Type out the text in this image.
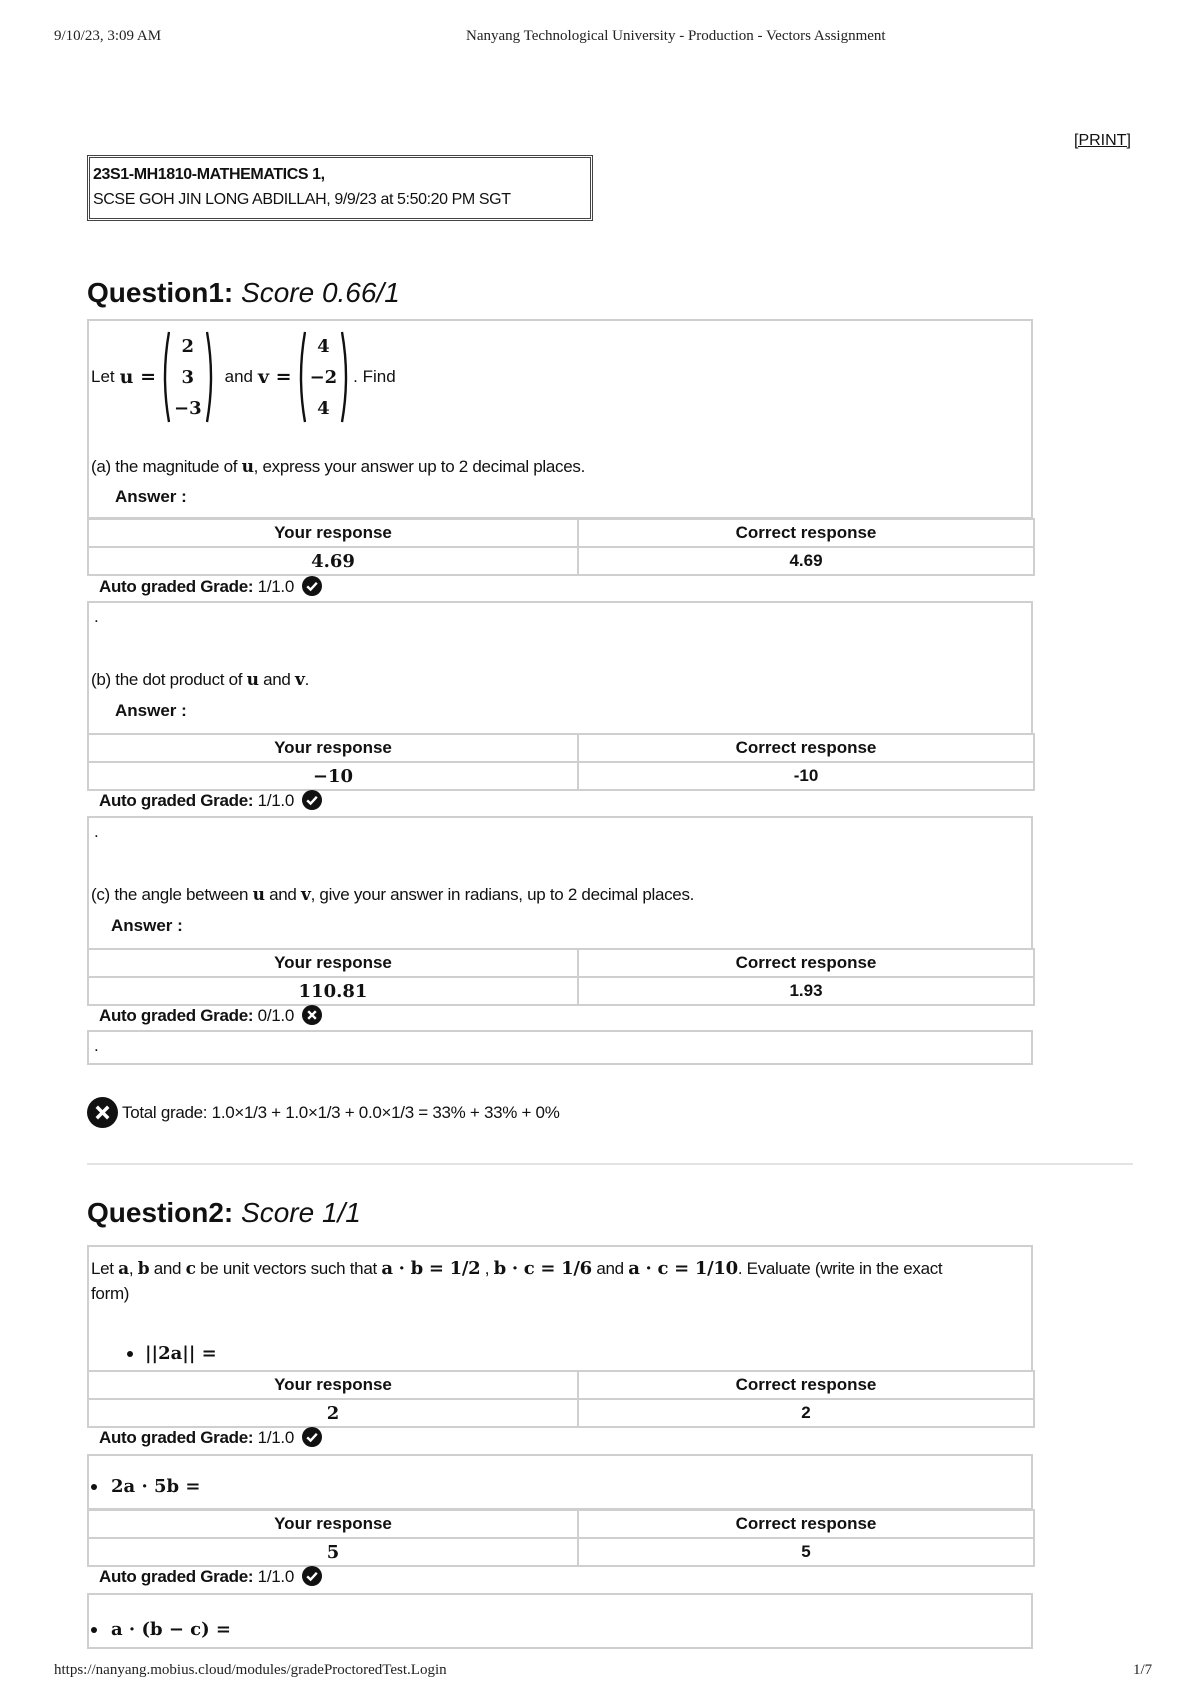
9/10/23, 3:09 AM	Nanyang Technological University - Production - Vectors Assignment
[PRINT]
23S1-MH1810-MATHEMATICS 1,
SCSE GOH JIN LONG ABDILLAH, 9/9/23 at 5:50:20 PM SGT
Question1: Score 0.66/1
Let u =
2
3
−3
and v =
4
−2
4
. Find
(a) the magnitude of u, express your answer up to 2 decimal places.
Answer :
Your response	Correct response
4.69	4.69
Auto graded Grade: 1/1.0
.
(b) the dot product of u and v.
Answer :
Your response	Correct response
−10	-10
Auto graded Grade: 1/1.0
.
(c) the angle between u and v, give your answer in radians, up to 2 decimal places.
Answer :
Your response	Correct response
110.81	1.93
Auto graded Grade: 0/1.0
.
Total grade: 1.0×1/3 + 1.0×1/3 + 0.0×1/3 = 33% + 33% + 0%
Question2: Score 1/1
Let a, b and c be unit vectors such that a · b = 1/2 , b · c = 1/6 and a · c = 1/10. Evaluate (write in the exact
form)
||2a|| =
Your response	Correct response
2	2
Auto graded Grade: 1/1.0
2a · 5b =
Your response	Correct response
5	5
Auto graded Grade: 1/1.0
a · (b − c) =
https://nanyang.mobius.cloud/modules/gradeProctoredTest.Login	1/7
